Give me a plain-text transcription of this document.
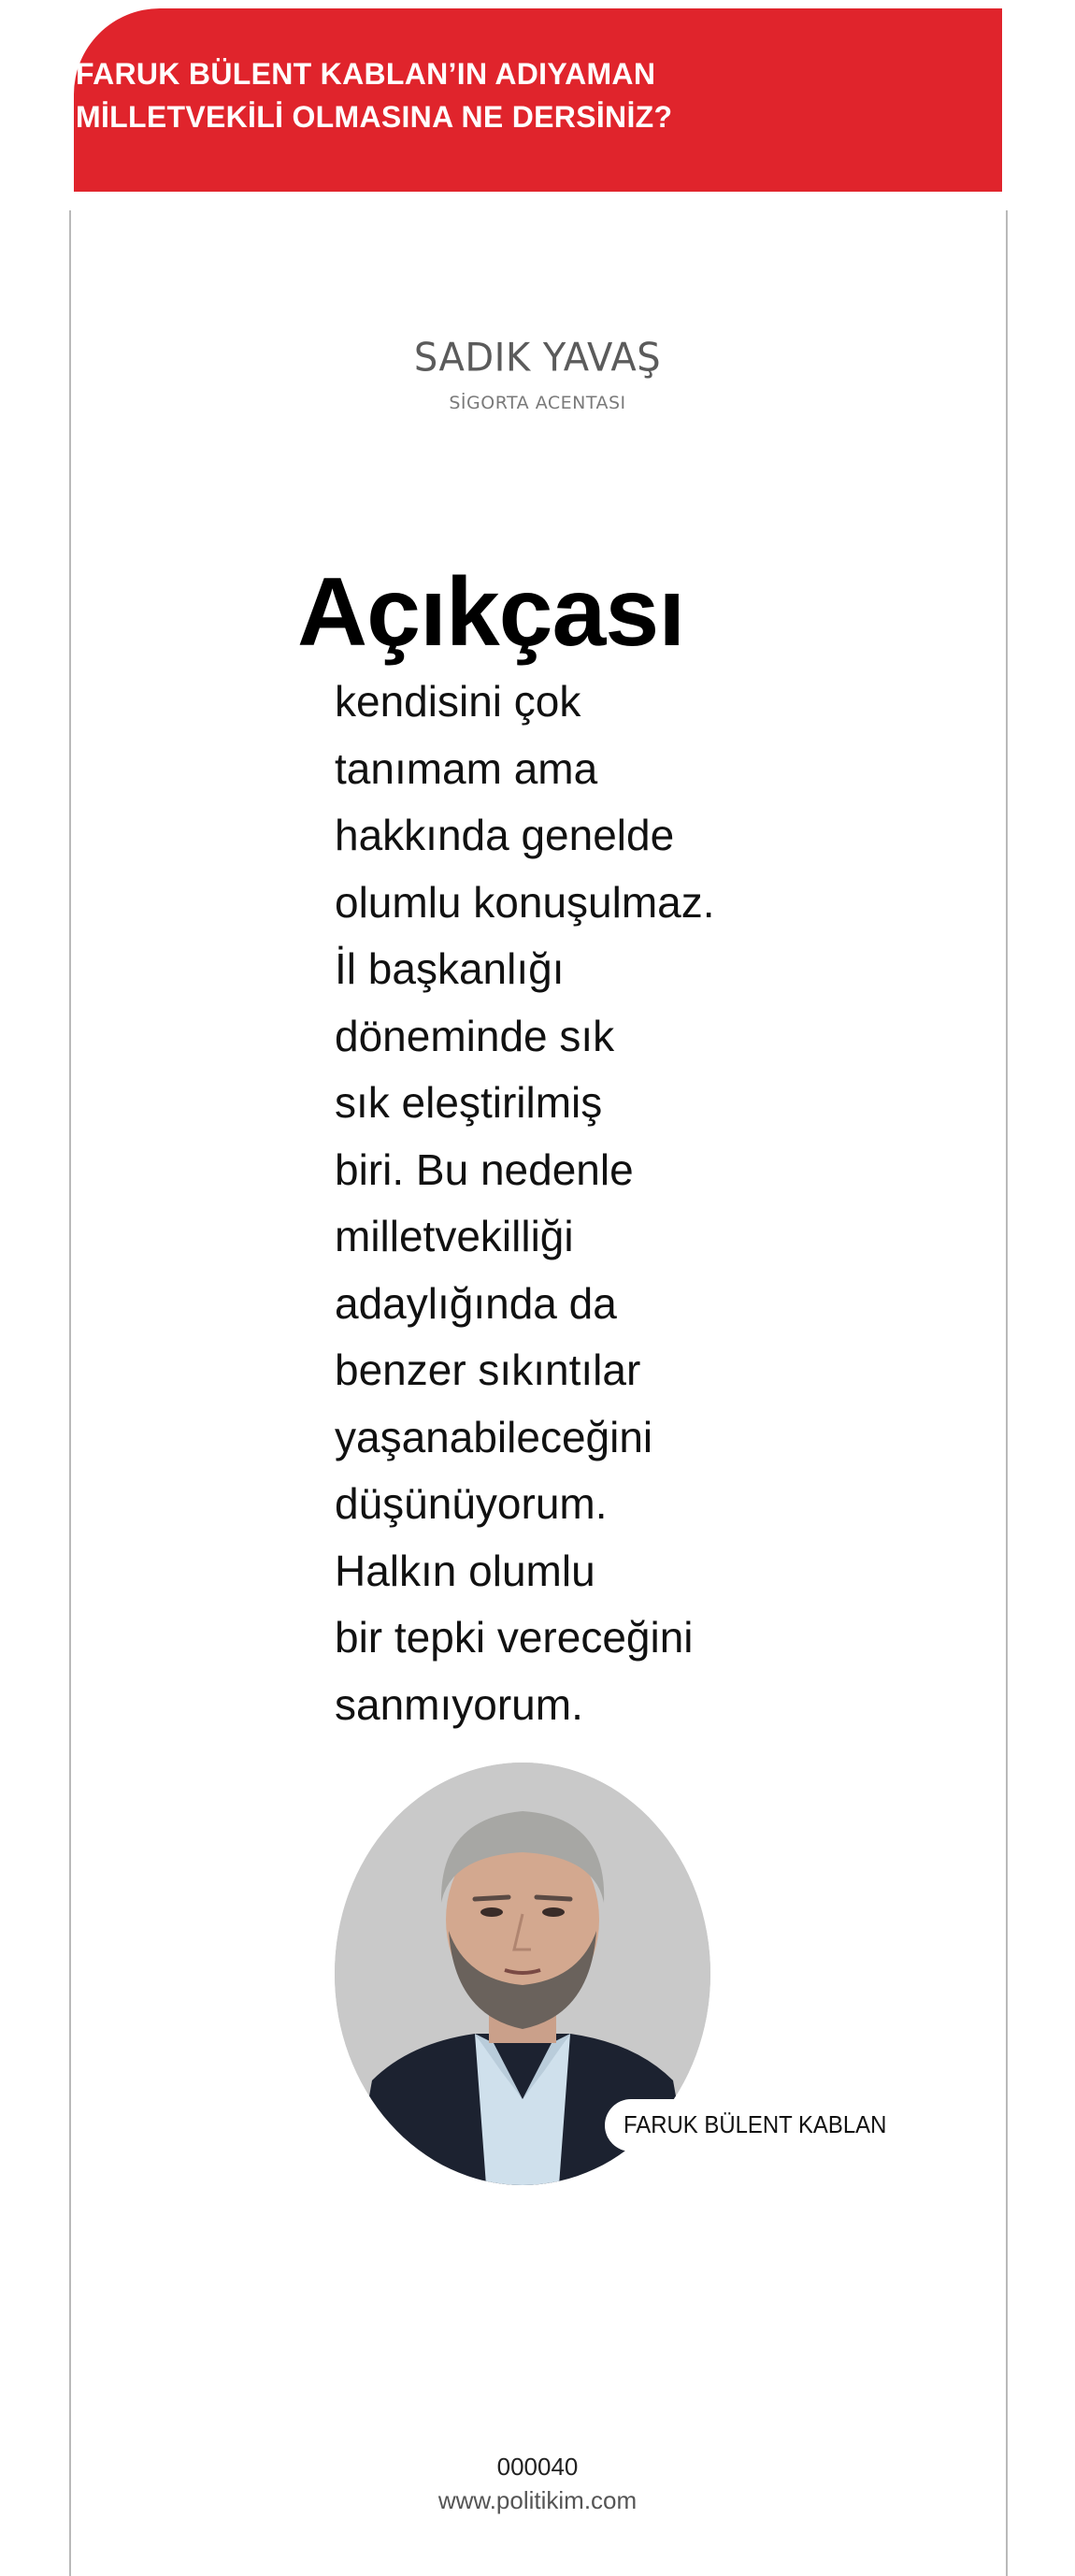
FARUK BÜLENT KABLAN’IN ADIYAMAN
MİLLETVEKİLİ OLMASINA NE DERSİNİZ?
SADIK YAVAŞ
SİGORTA ACENTASI
Açıkçası

kendisini çok
tanımam ama
hakkında genelde
olumlu konuşulmaz.
İl başkanlığı
döneminde sık
sık eleştirilmiş
biri. Bu nedenle
milletvekilliği
adaylığında da
benzer sıkıntılar
yaşanabileceğini
düşünüyorum.
Halkın olumlu
bir tepki vereceğini
sanmıyorum.

FARUK BÜLENT KABLAN
000040
www.politikim.com
